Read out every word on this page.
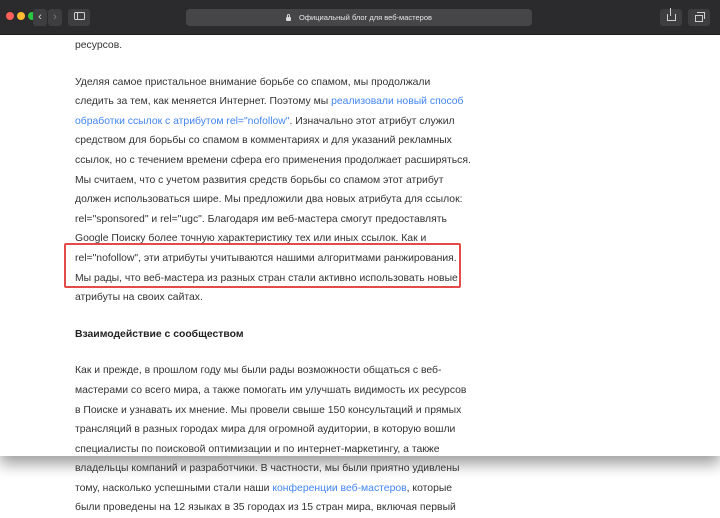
‹	›	Официальный блог для веб-мастеров

ресурсов.

Уделяя самое пристальное внимание борьбе со спамом, мы продолжали

следить за тем, как меняется Интернет. Поэтому мы реализовали новый способ

обработки ссылок с атрибутом rel="nofollow". Изначально этот атрибут служил

средством для борьбы со спамом в комментариях и для указаний рекламных

ссылок, но с течением времени сфера его применения продолжает расширяться.

Мы считаем, что с учетом развития средств борьбы со спамом этот атрибут

должен использоваться шире. Мы предложили два новых атрибута для ссылок:

rel="sponsored" и rel="ugc". Благодаря им веб-мастера смогут предоставлять

Google Поиску более точную характеристику тех или иных ссылок. Как и

rel="nofollow", эти атрибуты учитываются нашими алгоритмами ранжирования.

Мы рады, что веб-мастера из разных стран стали активно использовать новые

атрибуты на своих сайтах.

Взаимодействие с сообществом

Как и прежде, в прошлом году мы были рады возможности общаться с веб-

мастерами со всего мира, а также помогать им улучшать видимость их ресурсов

в Поиске и узнавать их мнение. Мы провели свыше 150 консультаций и прямых

трансляций в разных городах мира для огромной аудитории, в которую вошли

специалисты по поисковой оптимизации и по интернет-маркетингу, а также

владельцы компаний и разработчики. В частности, мы были приятно удивлены

тому, насколько успешными стали наши конференции веб-мастеров, которые

были проведены на 12 языках в 35 городах из 15 стран мира, включая первый
